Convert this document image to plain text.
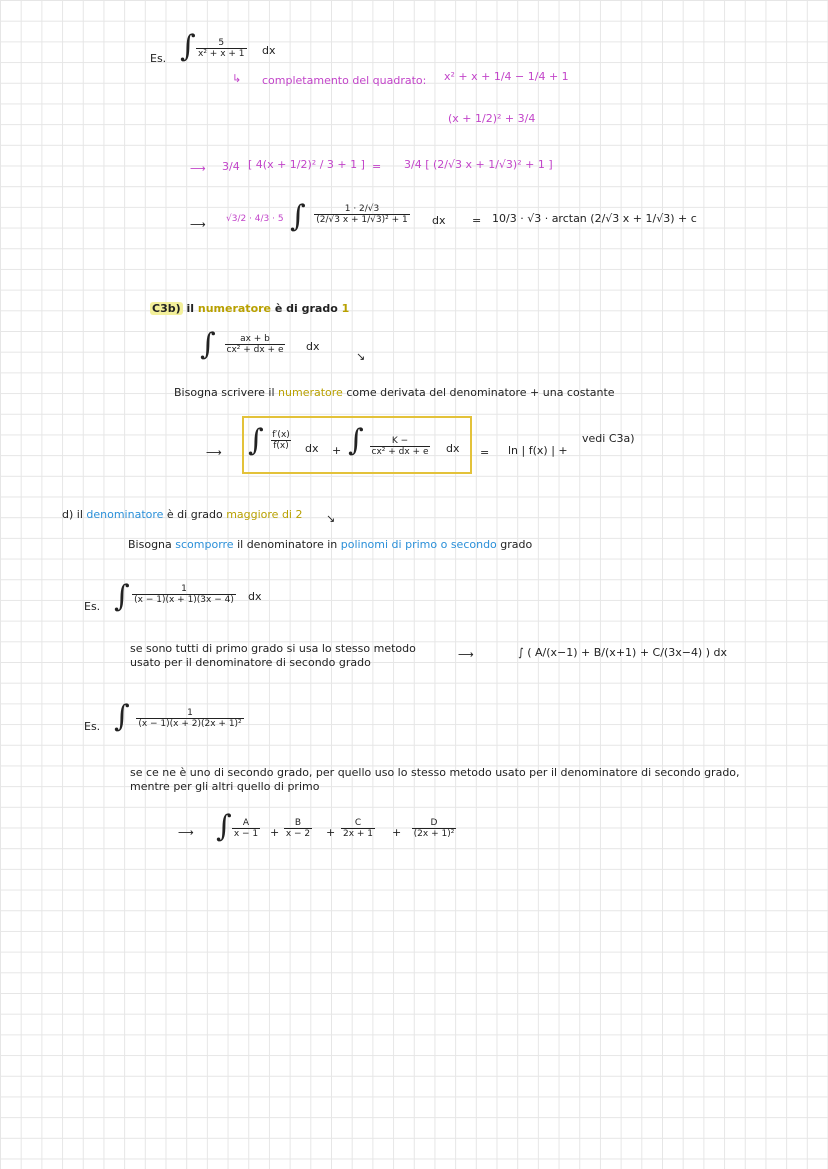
Es. ∫ $\frac{5}{\text{x² + x + 1}}$ dx
↳ completamento del quadrato: x² + x + 1/4 − 1/4 + 1
(x + 1/2)² + 3/4
⟶ 3/4 [ 4(x + 1/2)² / 3 + 1 ] = 3/4 [ (2/√3 x + 1/√3)² + 1 ]
⟶ √3/2 · 4/3 · 5 ∫ $\frac{1 \cdot 2/√3}{\text{(2/√3 x + 1/√3)² + 1}}$ dx = 10/3 · √3 · arctan (2/√3 x + 1/√3) + c
C3b) il numeratore è di grado 1
∫ $\frac{ax + b}{\text{cx² + dx + e}}$ dx
↘
Bisogna scrivere il numeratore come derivata del denominatore + una costante
⟶ ∫
$\frac{f'(x)}{f(x)}$ dx + ∫ $\frac{K -}{\text{cx² + dx + e}}$ dx = ln | f(x) | +
vedi C3a)
d) il denominatore è di grado maggiore di 2 ↘
Bisogna scomporre il denominatore in polinomi di primo o secondo grado
Es. ∫ $\frac{1}{(x - 1)(x + 1)(3x - 4)}$ dx
se sono tutti di primo grado si usa lo stesso metodo
usato per il denominatore di secondo grado
⟶	∫ ( A/(x−1) + B/(x+1) + C/(3x−4) ) dx
Es. ∫ $\frac{1}{\text{(x − 1)(x + 2)(2x + 1)²}}$
se ce ne è uno di secondo grado, per quello uso lo stesso metodo usato per il denominatore di secondo grado,
mentre per gli altri quello di primo
⟶ ∫ $\frac{A}{x - 1} + \frac{B}{x - 2} + \frac{C}{2x + 1} + \frac{D}{\text{(2x + 1)²}}$
